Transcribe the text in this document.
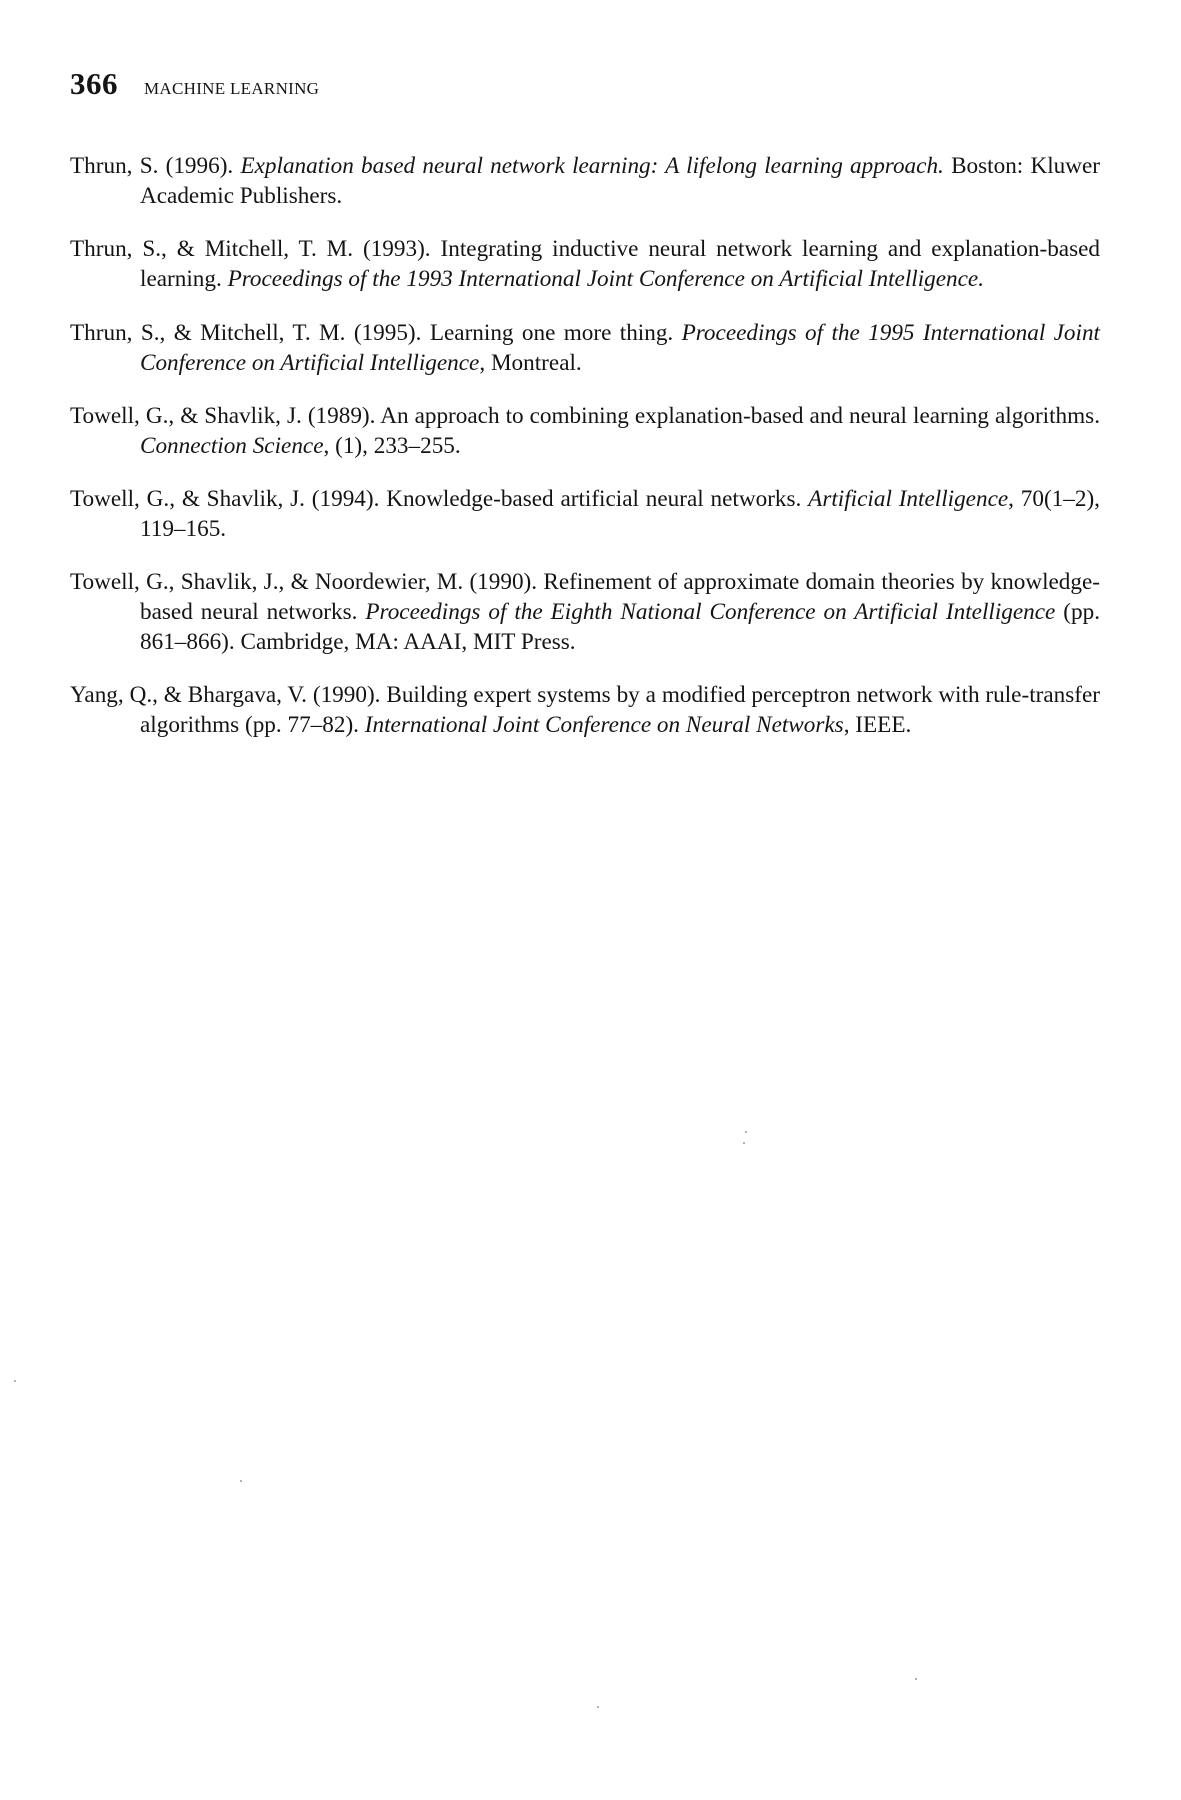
366 MACHINE LEARNING

Thrun, S. (1996). Explanation based neural network learning: A lifelong learning approach. Boston: Kluwer Academic Publishers.

Thrun, S., & Mitchell, T. M. (1993). Integrating inductive neural network learning and explanation-based learning. Proceedings of the 1993 International Joint Conference on Artificial Intelligence.

Thrun, S., & Mitchell, T. M. (1995). Learning one more thing. Proceedings of the 1995 International Joint Conference on Artificial Intelligence, Montreal.

Towell, G., & Shavlik, J. (1989). An approach to combining explanation-based and neural learning algorithms. Connection Science, (1), 233–255.

Towell, G., & Shavlik, J. (1994). Knowledge-based artificial neural networks. Artificial Intelligence, 70(1–2), 119–165.

Towell, G., Shavlik, J., & Noordewier, M. (1990). Refinement of approximate domain theories by knowledge-based neural networks. Proceedings of the Eighth National Conference on Artificial Intelligence (pp. 861–866). Cambridge, MA: AAAI, MIT Press.

Yang, Q., & Bhargava, V. (1990). Building expert systems by a modified perceptron network with rule-transfer algorithms (pp. 77–82). International Joint Conference on Neural Networks, IEEE.
